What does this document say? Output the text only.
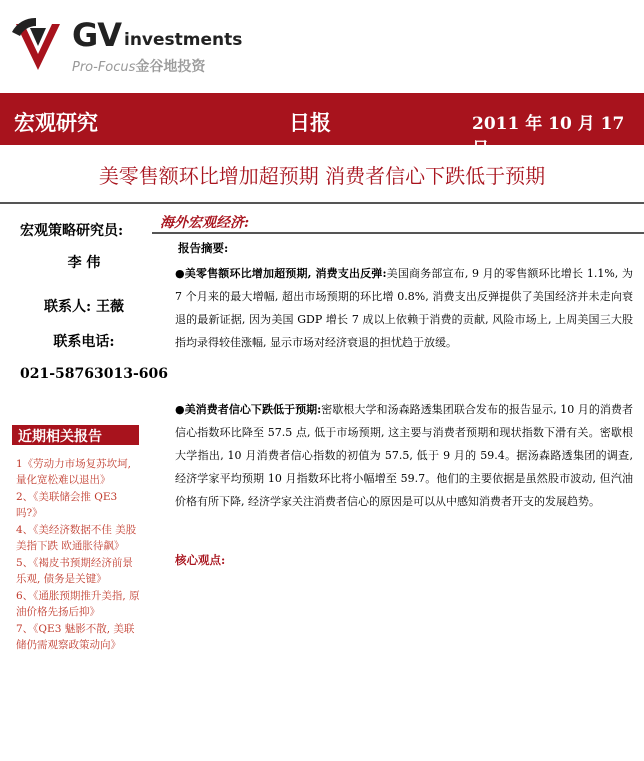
GV investments
Pro-Focus金谷地投资
宏观研究	日报	2011 年 10 月 17 日
美零售额环比增加超预期 消费者信心下跌低于预期
宏观策略研究员:
李 伟
联系人: 王薇
联系电话:
021-58763013-606
近期相关报告
1《劳动力市场复苏坎坷, 量化宽松难以退出》
2、《美联储会推 QE3 吗?》
4、《美经济数据不佳 美股美指下跌 欧通胀待飙》
5、《褐皮书预期经济前景乐观, 债务是关键》
6、《通胀预期推升美指, 原油价格先扬后抑》
7、《QE3 魅影不散, 美联储仍需观察政策动向》
海外宏观经济:
报告摘要:
●美零售额环比增加超预期, 消费支出反弹:美国商务部宣布, 9 月的零售额环比增长 1.1%, 为 7 个月来的最大增幅, 超出市场预期的环比增 0.8%, 消费支出反弹提供了美国经济并未走向衰退的最新证据, 因为美国 GDP 增长 7 成以上依赖于消费的贡献, 风险市场上, 上周美国三大股指均录得较佳涨幅, 显示市场对经济衰退的担忧趋于放缓。
●美消费者信心下跌低于预期:密歇根大学和汤森路透集团联合发布的报告显示, 10 月的消费者信心指数环比降至 57.5 点, 低于市场预期, 这主要与消费者预期和现状指数下滑有关。密歇根大学指出, 10 月消费者信心指数的初值为 57.5, 低于 9 月的 59.4。据汤森路透集团的调查, 经济学家平均预期 10 月指数环比将小幅增至 59.7。他们的主要依据是虽然股市波动, 但汽油价格有所下降, 经济学家关注消费者信心的原因是可以从中感知消费者开支的发展趋势。
核心观点:
